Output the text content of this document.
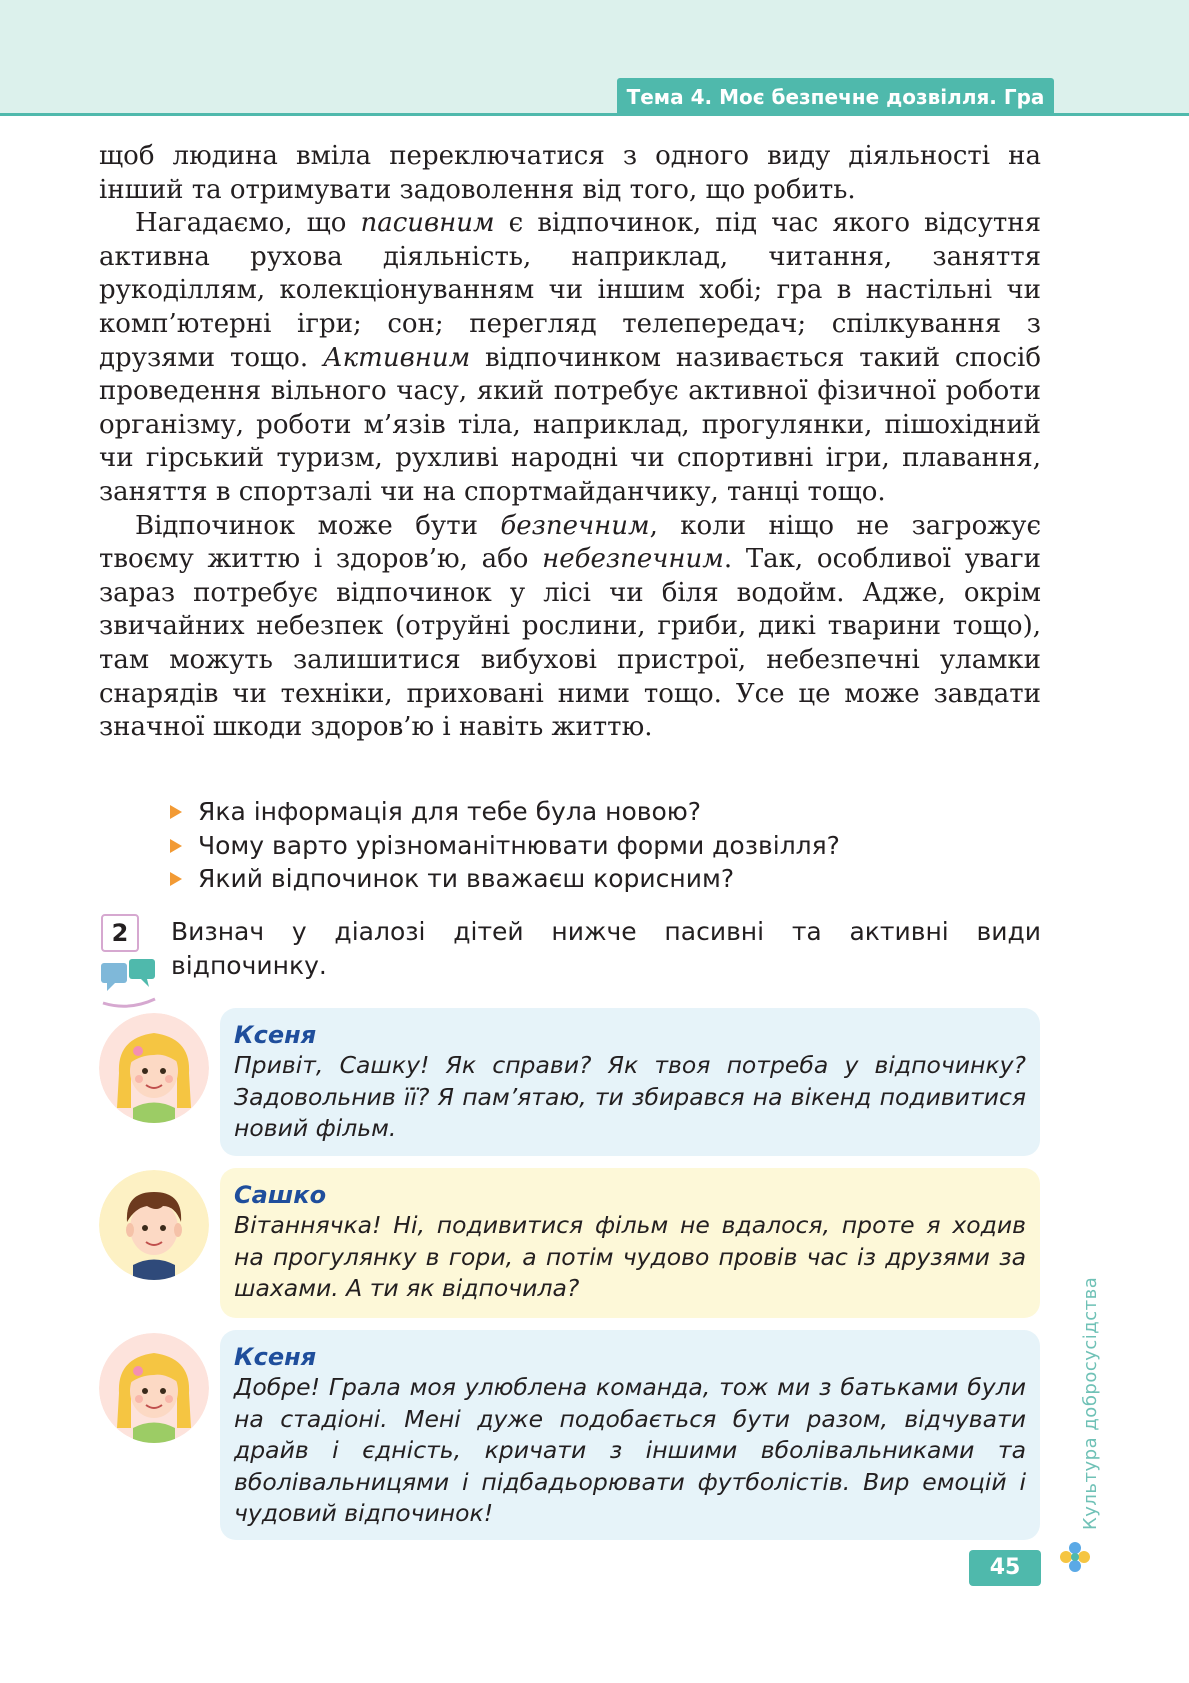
Тема 4. Моє безпечне дозвілля. Гра

щоб людина вміла переключатися з одного виду діяльності на інший та отримувати задоволення від того, що робить.

Нагадаємо, що пасивним є відпочинок, під час якого відсутня активна рухова діяльність, наприклад, читання, заняття рукоділлям, колекціонуванням чи іншим хобі; гра в настільні чи комп’ютерні ігри; сон; перегляд телепередач; спілкування з друзями тощо. Активним відпочинком називається такий спосіб проведення вільного часу, який потребує активної фізичної роботи організму, роботи м’язів тіла, наприклад, прогулянки, пішохідний чи гірський туризм, рухливі народні чи спортивні ігри, плавання, заняття в спортзалі чи на спортмайданчику, танці тощо.

Відпочинок може бути безпечним, коли ніщо не загрожує твоєму життю і здоров’ю, або небезпечним. Так, особливої уваги зараз потребує відпочинок у лісі чи біля водойм. Адже, окрім звичайних небезпек (отруйні рослини, гриби, дикі тварини тощо), там можуть залишитися вибухові пристрої, небезпечні уламки снарядів чи техніки, приховані ними тощо. Усе це може завдати значної шкоди здоров’ю і навіть життю.

Яка інформація для тебе була новою?
Чому варто урізноманітнювати форми дозвілля?
Який відпочинок ти вважаєш корисним?
2	Визнач у діалозі дітей нижче пасивні та активні види відпочинку.
Ксеня
Привіт, Сашку! Як справи? Як твоя потреба у відпочинку? Задовольнив її? Я пам’ятаю, ти збирався на вікенд подивитися новий фільм.
Сашко
Вітаннячка! Ні, подивитися фільм не вдалося, проте я ходив на прогулянку в гори, а потім чудово провів час із друзями за шахами. А ти як відпочила?
Ксеня
Добре! Грала моя улюблена команда, тож ми з батьками були на стадіоні. Мені дуже подобається бути разом, відчувати драйв і єдність, кричати з іншими вболівальниками та вболівальницями і підбадьорювати футболістів. Вир емоцій і чудовий відпочинок!	Культура добросусідства
45
